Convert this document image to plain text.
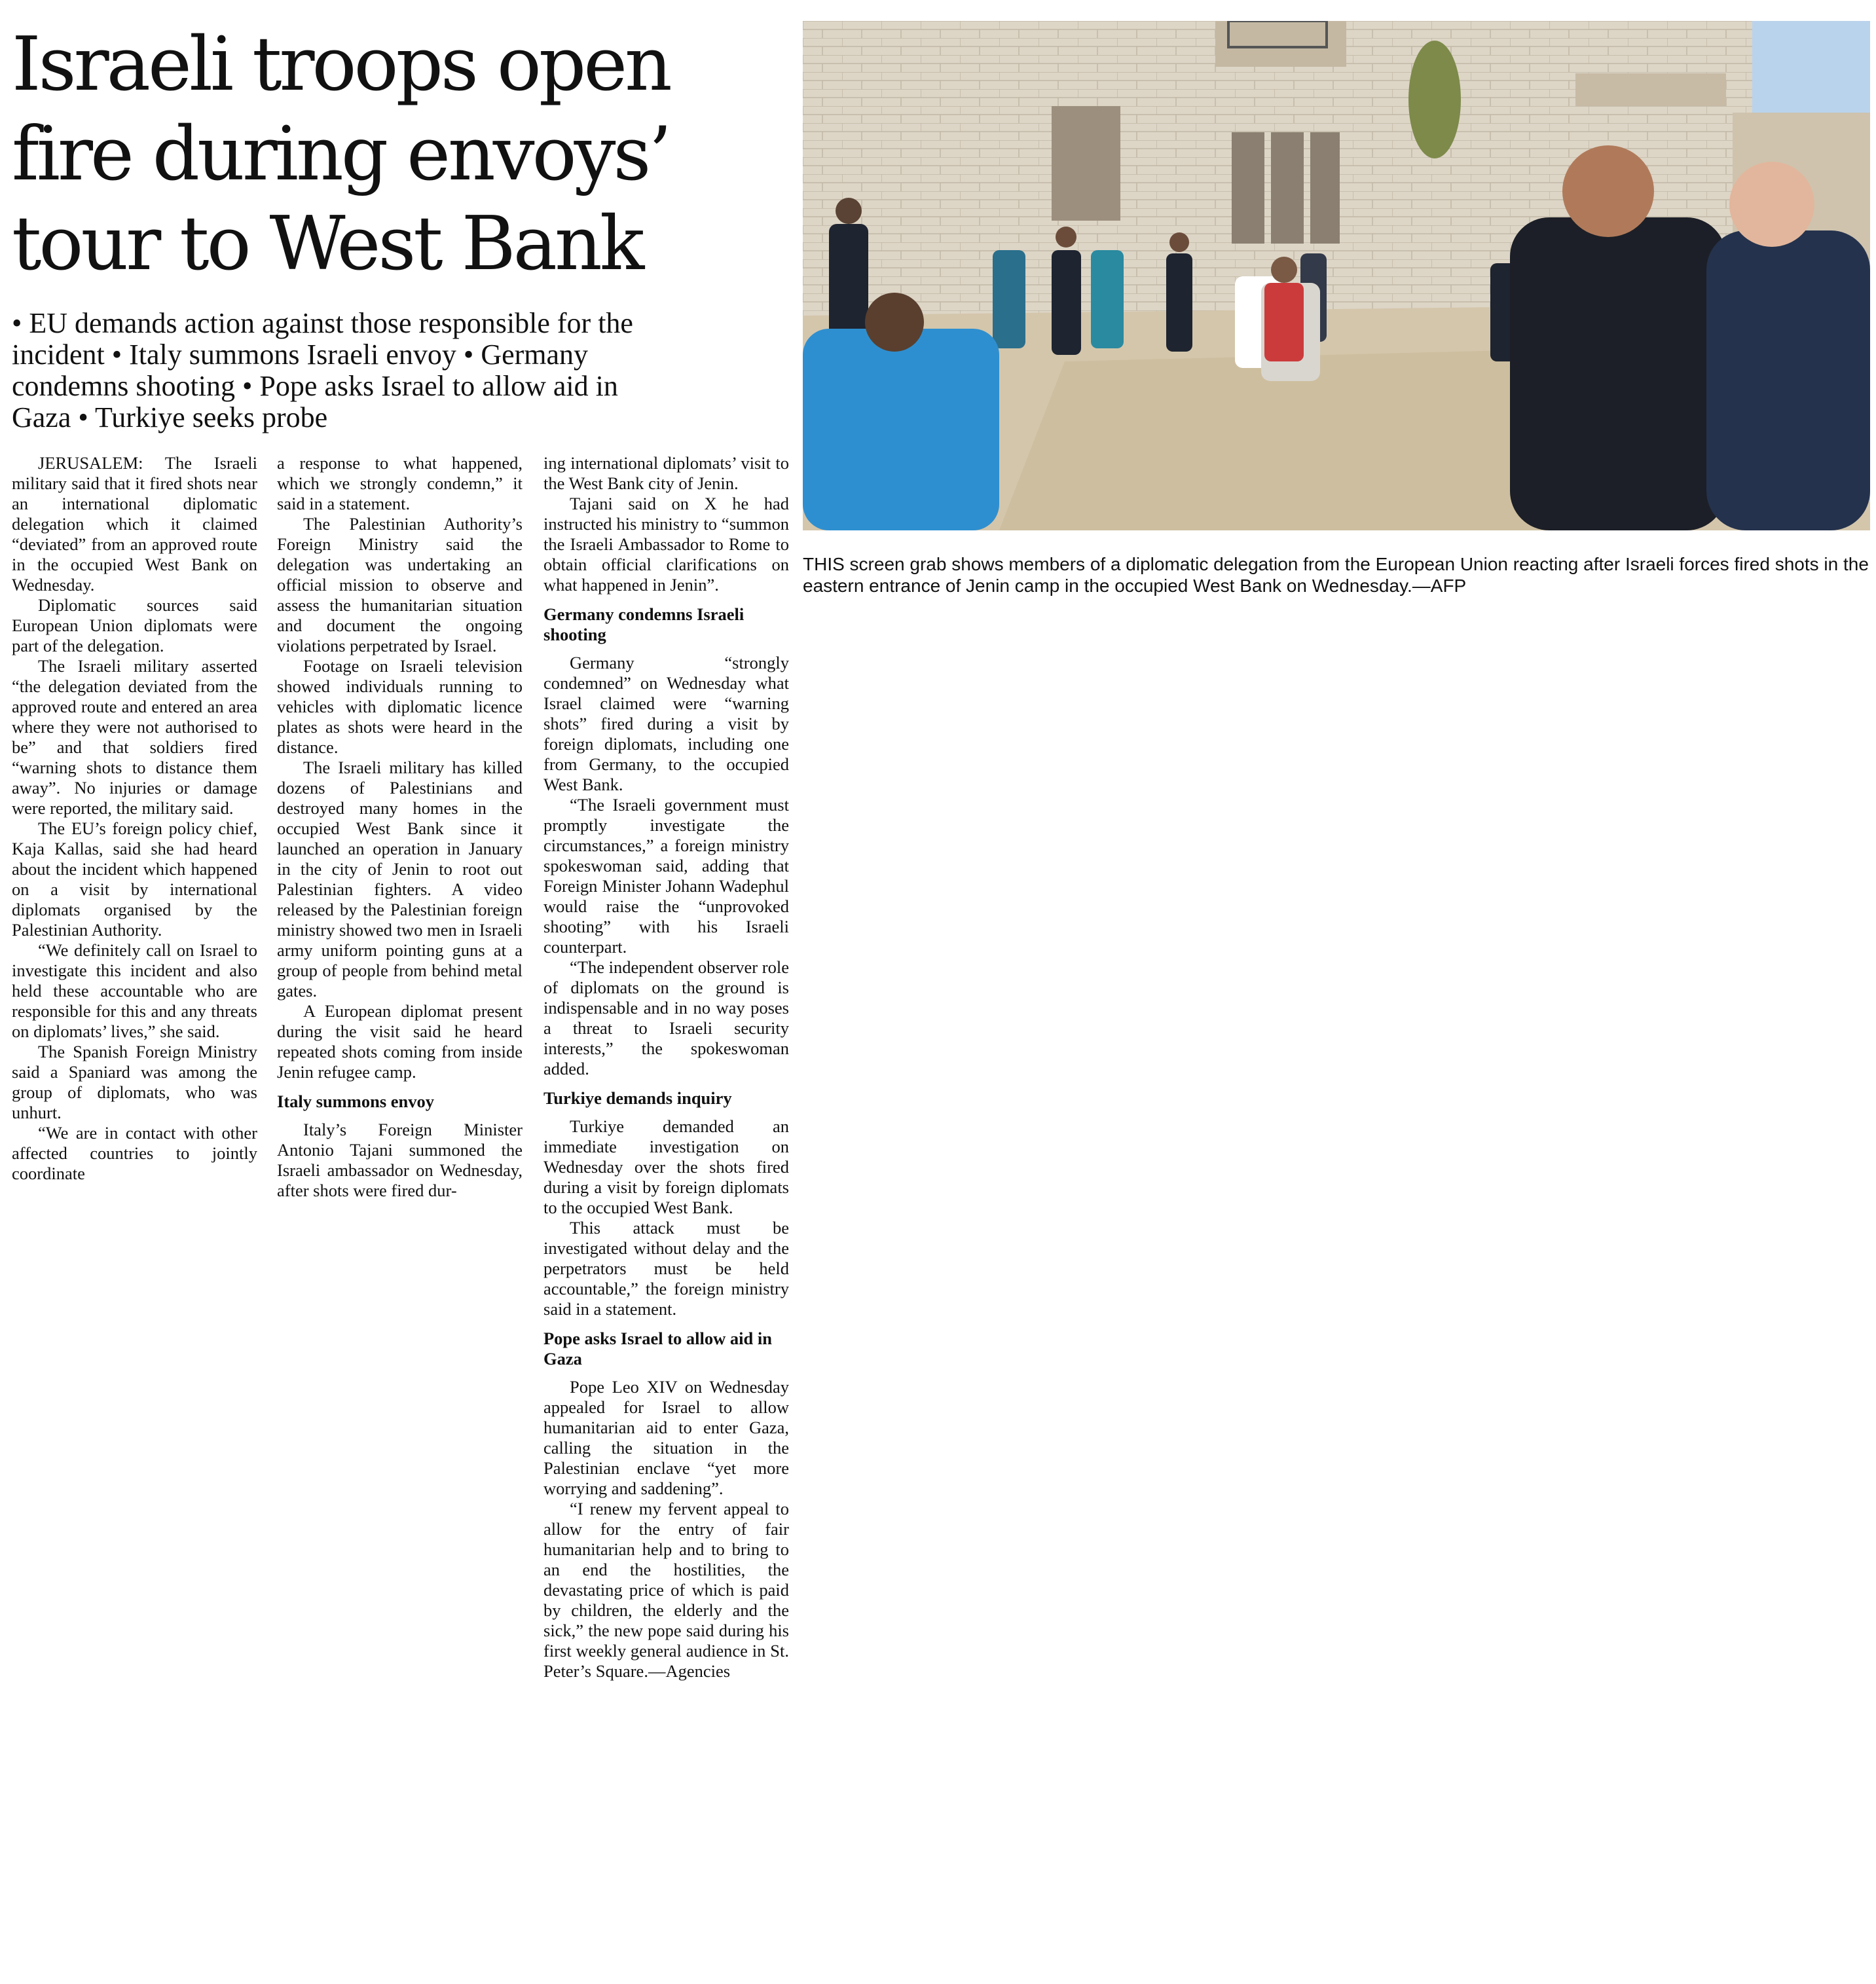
Israeli troops open
fire during envoys’
tour to West Bank
• EU demands action against those responsible for the
incident • Italy summons Israeli envoy • Germany
condemns shooting • Pope asks Israel to allow aid in
Gaza • Turkiye seeks probe

JERUSALEM: The Israeli military said that it fired shots near an international diplomatic delegation which it claimed “deviated” from an approved route in the occupied West Bank on Wednesday.

Diplomatic sources said European Union diplomats were part of the delegation.

The Israeli military asserted “the delegation deviated from the approved route and entered an area where they were not authorised to be” and that soldiers fired “warning shots to distance them away”. No injuries or damage were reported, the military said.

The EU’s foreign policy chief, Kaja Kallas, said she had heard about the incident which happened on a visit by international diplomats organised by the Palestinian Authority.

“We definitely call on Israel to investigate this incident and also held these accountable who are responsible for this and any threats on diplomats’ lives,” she said.

The Spanish Foreign Ministry said a Spaniard was among the group of diplomats, who was unhurt.

“We are in contact with other affected countries to jointly coordinate

a response to what happened, which we strongly condemn,” it said in a statement.

The Palestinian Authority’s Foreign Ministry said the delegation was undertaking an official mission to observe and assess the humanitarian situation and document the ongoing violations perpetrated by Israel.

Footage on Israeli television showed individuals running to vehicles with diplomatic licence plates as shots were heard in the distance.

The Israeli military has killed dozens of Palestinians and destroyed many homes in the occupied West Bank since it launched an operation in January in the city of Jenin to root out Palestinian fighters. A video released by the Palestinian foreign ministry showed two men in Israeli army uniform pointing guns at a group of people from behind metal gates.

A European diplomat present during the visit said he heard repeated shots coming from inside Jenin refugee camp.

Italy summons envoy

Italy’s Foreign Minister Antonio Tajani summoned the Israeli ambassador on Wednesday, after shots were fired dur-

ing international diplomats’ visit to the West Bank city of Jenin.

Tajani said on X he had instructed his ministry to “summon the Israeli Ambassador to Rome to obtain official clarifications on what happened in Jenin”.

Germany condemns Israeli shooting

Germany “strongly condemned” on Wednesday what Israel claimed were “warning shots” fired during a visit by foreign diplomats, including one from Germany, to the occupied West Bank.

“The Israeli government must promptly investigate the circumstances,” a foreign ministry spokeswoman said, adding that Foreign Minister Johann Wadephul would raise the “unprovoked shooting” with his Israeli counterpart.

“The independent observer role of diplomats on the ground is indispensable and in no way poses a threat to Israeli security interests,” the spokeswoman added.

Turkiye demands inquiry

Turkiye demanded an immediate investigation on Wednesday over the shots fired during a visit by foreign diplomats to the occupied West Bank.

This attack must be investigated without delay and the perpetrators must be held accountable,” the foreign ministry said in a statement.

Pope asks Israel to allow aid in Gaza

Pope Leo XIV on Wednesday appealed for Israel to allow humanitarian aid to enter Gaza, calling the situation in the Palestinian enclave “yet more worrying and saddening”.

“I renew my fervent appeal to allow for the entry of fair humanitarian help and to bring to an end the hostilities, the devastating price of which is paid by children, the elderly and the sick,” the new pope said during his first weekly general audience in St. Peter’s Square.—Agencies

THIS screen grab shows members of a diplomatic delegation from the European Union reacting after Israeli forces fired shots in the eastern entrance of Jenin camp in the occupied West Bank on Wednesday.—AFP
